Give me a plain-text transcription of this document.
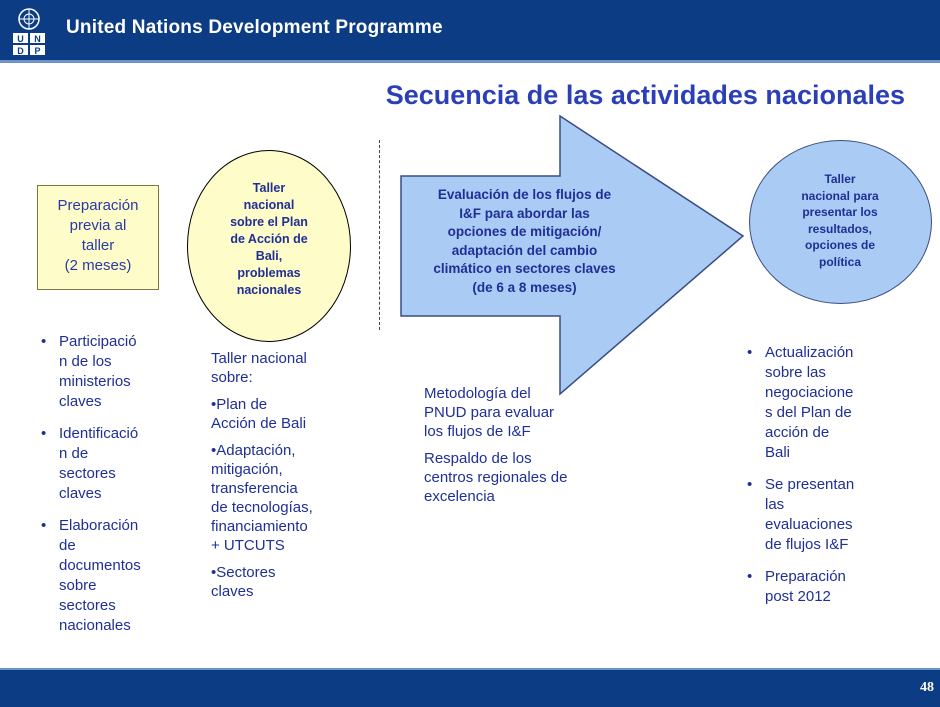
U N
D P
United Nations Development Programme
Secuencia de las actividades nacionales
Preparación
previa al
taller
(2 meses)
Taller
nacional
sobre el Plan
de Acción de
Bali,
problemas
nacionales
Evaluación de los flujos de
I&F para abordar las
opciones de mitigación/
adaptación del cambio
climático en sectores claves
(de 6 a 8 meses)
Taller
nacional para
presentar los
resultados,
opciones de
política
• Participació
n de los
ministerios
claves
• Identificació
n de
sectores
claves
• Elaboración
de
documentos
sobre
sectores
nacionales
Taller nacional
sobre:
•Plan de
Acción de Bali
•Adaptación,
mitigación,
transferencia
de tecnologías,
financiamiento
+ UTCUTS
•Sectores
claves
Metodología del
PNUD para evaluar
los flujos de I&F
Respaldo de los
centros regionales de
excelencia
• Actualización
sobre las
negociacione
s del Plan de
acción de
Bali
• Se presentan
las
evaluaciones
de flujos I&F
• Preparación
post 2012
48
